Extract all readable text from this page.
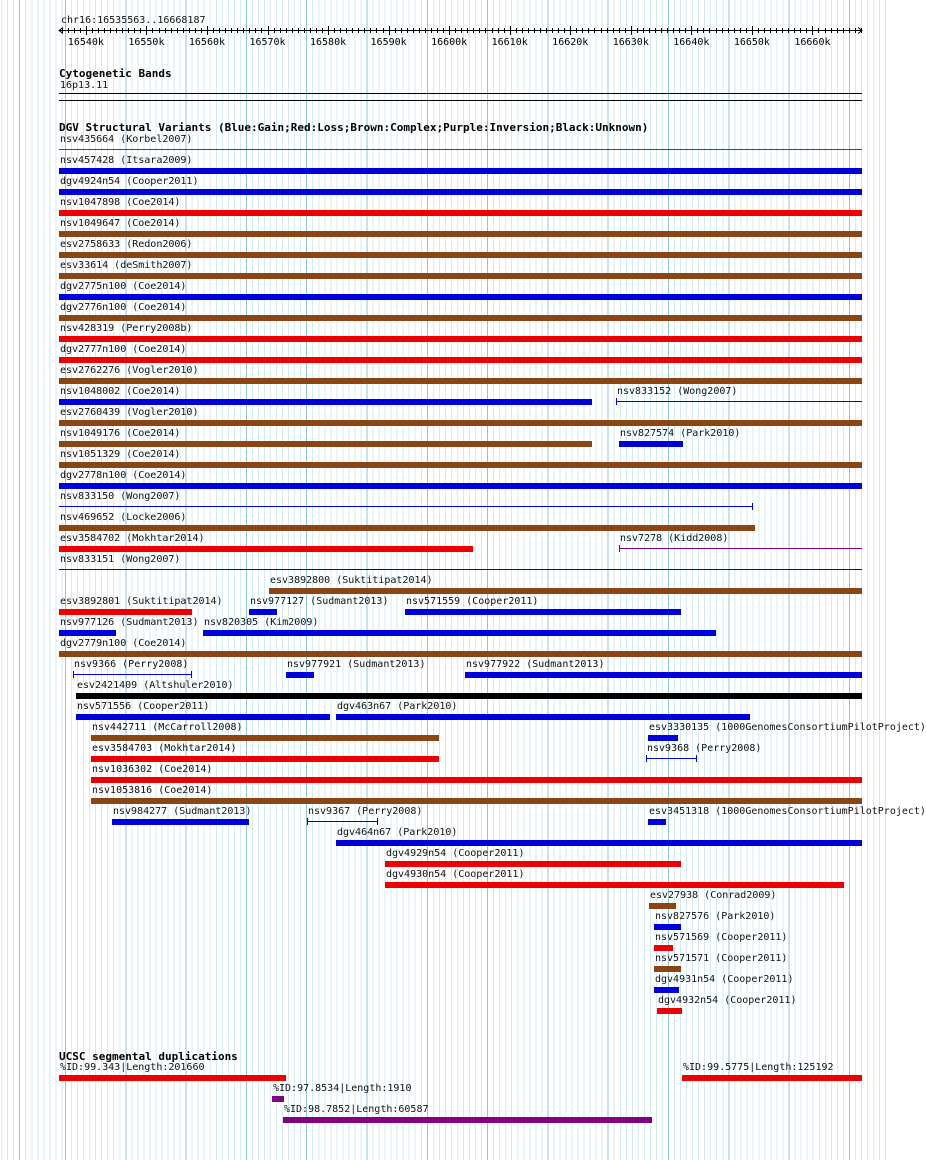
chr16:16535563..16668187
16540k 16550k 16560k 16570k 16580k 16590k 16600k 16610k 16620k 16630k 16640k 16650k 16660k
Cytogenetic Bands
16p13.11
DGV Structural Variants (Blue:Gain;Red:Loss;Brown:Complex;Purple:Inversion;Black:Unknown)
nsv435664 (Korbel2007)
nsv457428 (Itsara2009)
dgv4924n54 (Cooper2011)
nsv1047898 (Coe2014)
nsv1049647 (Coe2014)
esv2758633 (Redon2006)
esv33614 (deSmith2007)
dgv2775n100 (Coe2014)
dgv2776n100 (Coe2014)
nsv428319 (Perry2008b)
dgv2777n100 (Coe2014)
esv2762276 (Vogler2010)
nsv1048002 (Coe2014)	nsv833152 (Wong2007)
esv2760439 (Vogler2010)
nsv1049176 (Coe2014)	nsv827574 (Park2010)
nsv1051329 (Coe2014)
dgv2778n100 (Coe2014)
nsv833150 (Wong2007)
nsv469652 (Locke2006)
esv3584702 (Mokhtar2014)	nsv7278 (Kidd2008)
nsv833151 (Wong2007)
esv3892800 (Suktitipat2014)
esv3892801 (Suktitipat2014)	nsv977127 (Sudmant2013) nsv571559 (Cooper2011)
nsv977126 (Sudmant2013) nsv820305 (Kim2009)
dgv2779n100 (Coe2014)
nsv9366 (Perry2008)	nsv977921 (Sudmant2013)	nsv977922 (Sudmant2013)
esv2421409 (Altshuler2010)
nsv571556 (Cooper2011)	dgv463n67 (Park2010)
nsv442711 (McCarroll2008)	esv3330135 (1000GenomesConsortiumPilotProject)
esv3584703 (Mokhtar2014)	nsv9368 (Perry2008)
nsv1036302 (Coe2014)
nsv1053816 (Coe2014)
nsv984277 (Sudmant2013)	nsv9367 (Perry2008)	esv3451318 (1000GenomesConsortiumPilotProject)
dgv464n67 (Park2010)
dgv4929n54 (Cooper2011)
dgv4930n54 (Cooper2011)
esv27938 (Conrad2009)
nsv827576 (Park2010)
nsv571569 (Cooper2011)
nsv571571 (Cooper2011)
dgv4931n54 (Cooper2011)
dgv4932n54 (Cooper2011)
UCSC segmental duplications
%ID:99.343|Length:201660	%ID:99.5775|Length:125192
%ID:97.8534|Length:1910
%ID:98.7852|Length:60587
